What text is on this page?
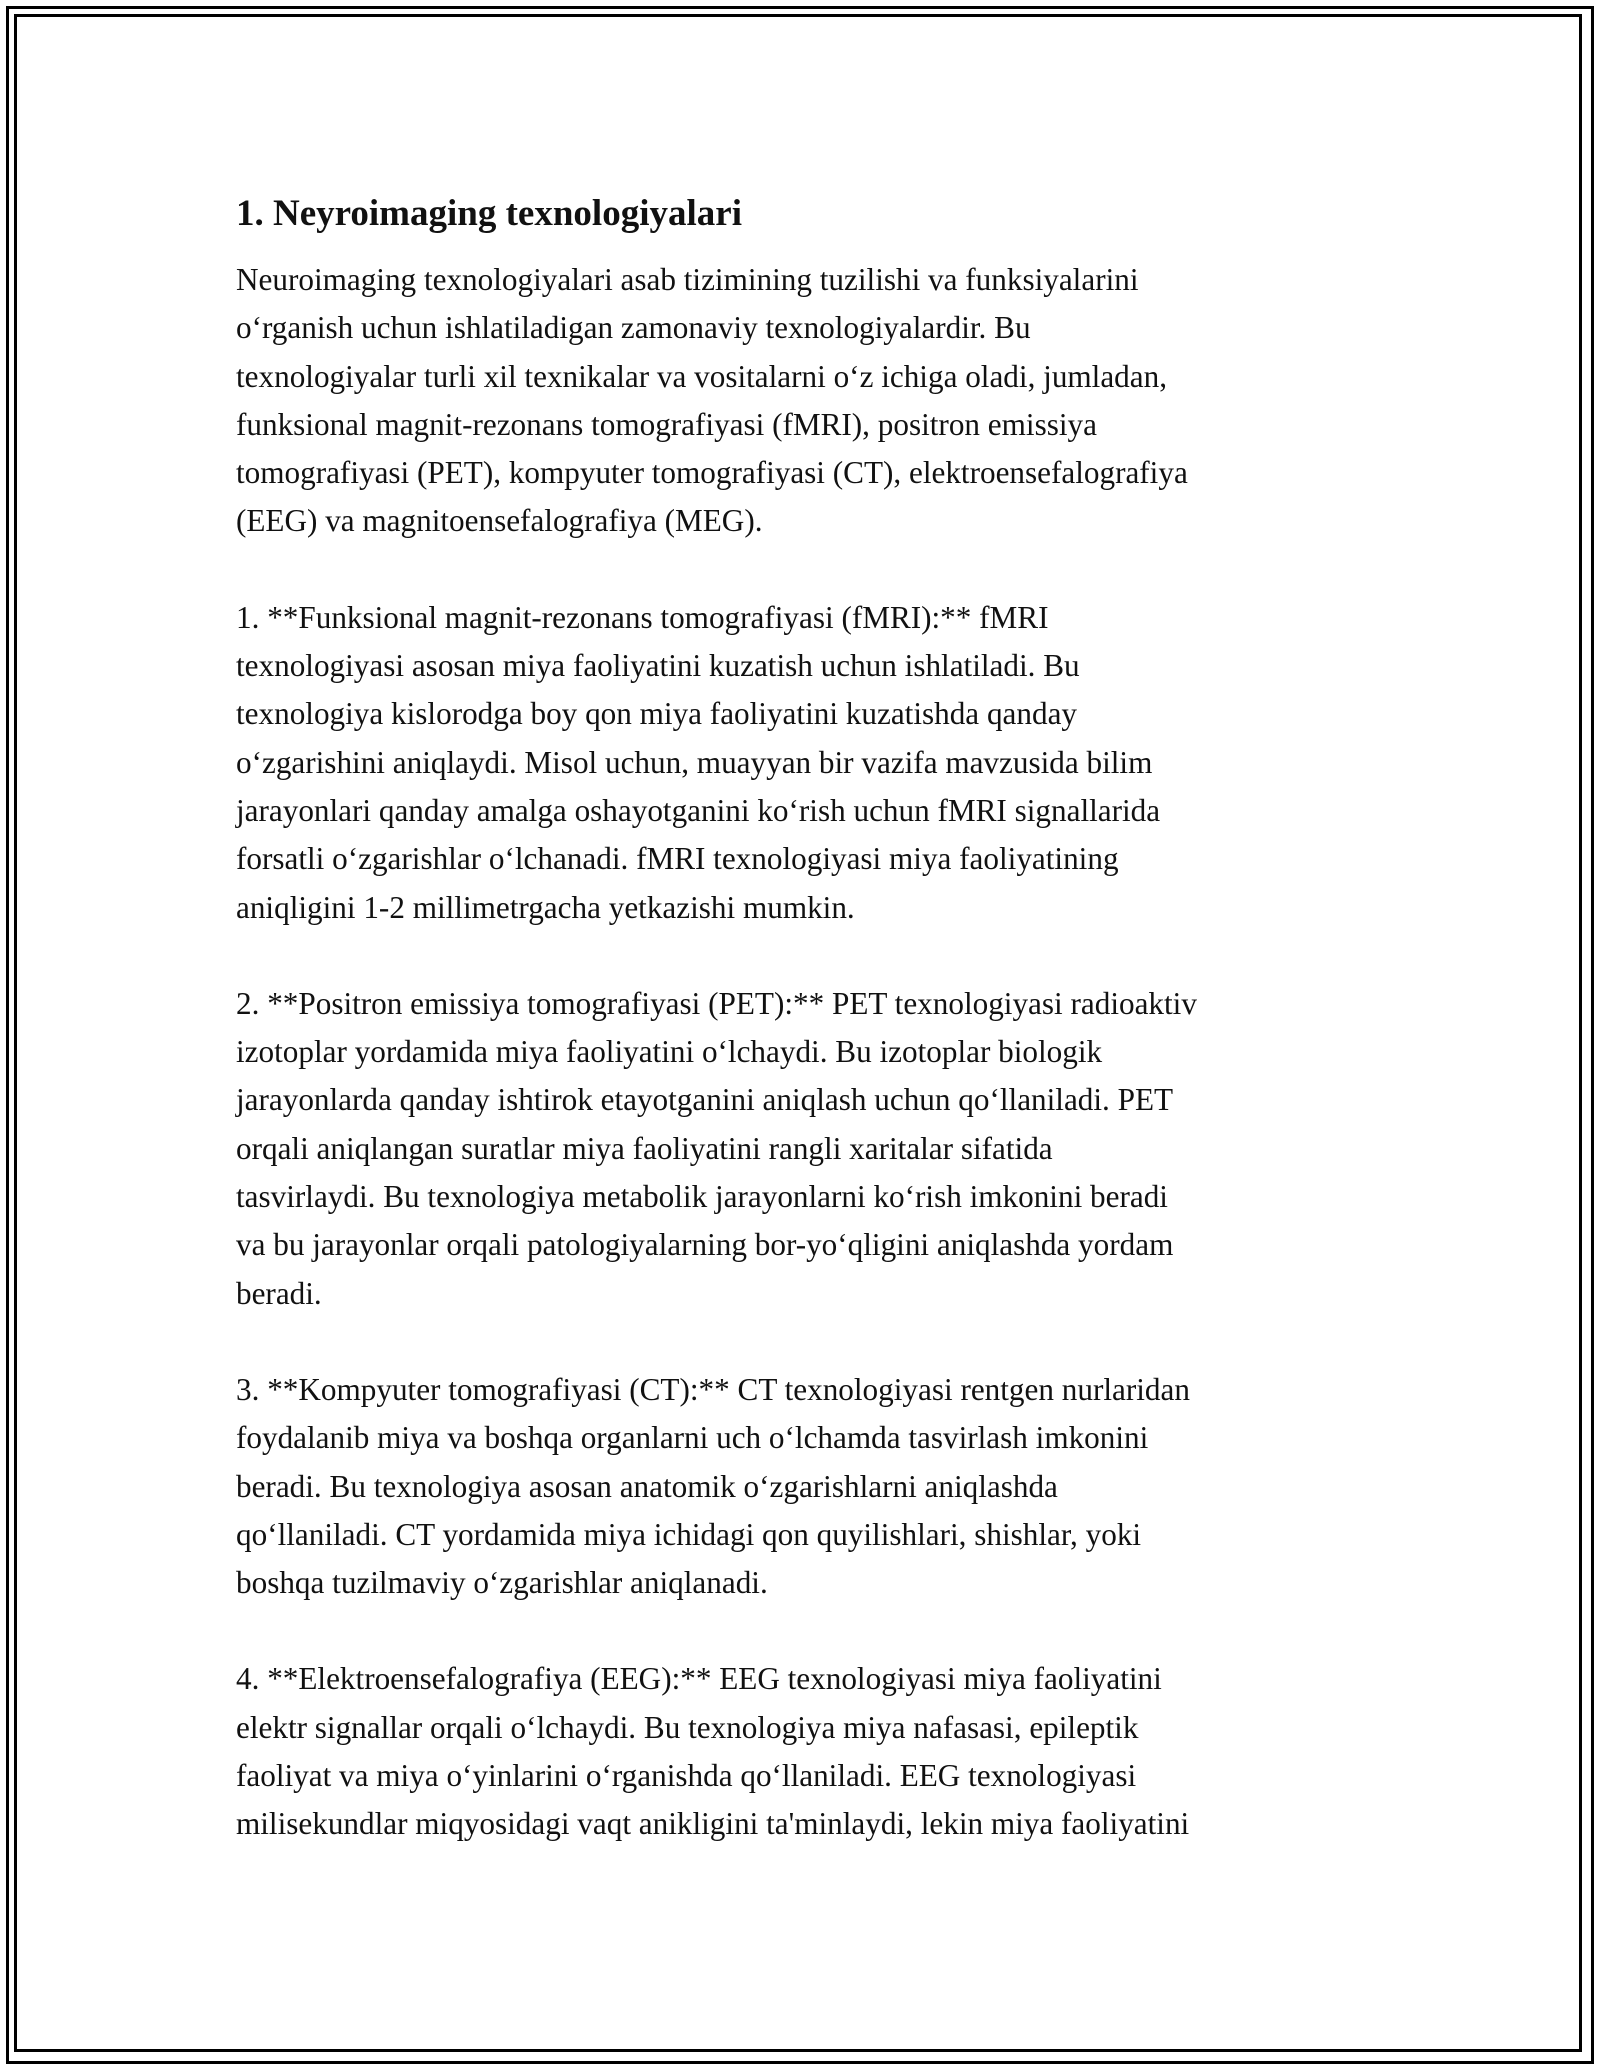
1. Neyroimaging texnologiyalari
Neuroimaging texnologiyalari asab tizimining tuzilishi va funksiyalarini
o‘rganish uchun ishlatiladigan zamonaviy texnologiyalardir. Bu
texnologiyalar turli xil texnikalar va vositalarni o‘z ichiga oladi, jumladan,
funksional magnit-rezonans tomografiyasi (fMRI), positron emissiya
tomografiyasi (PET), kompyuter tomografiyasi (CT), elektroensefalografiya
(EEG) va magnitoensefalografiya (MEG).
1. **Funksional magnit-rezonans tomografiyasi (fMRI):** fMRI
texnologiyasi asosan miya faoliyatini kuzatish uchun ishlatiladi. Bu
texnologiya kislorodga boy qon miya faoliyatini kuzatishda qanday
o‘zgarishini aniqlaydi. Misol uchun, muayyan bir vazifa mavzusida bilim
jarayonlari qanday amalga oshayotganini ko‘rish uchun fMRI signallarida
forsatli o‘zgarishlar o‘lchanadi. fMRI texnologiyasi miya faoliyatining
aniqligini 1-2 millimetrgacha yetkazishi mumkin.
2. **Positron emissiya tomografiyasi (PET):** PET texnologiyasi radioaktiv
izotoplar yordamida miya faoliyatini o‘lchaydi. Bu izotoplar biologik
jarayonlarda qanday ishtirok etayotganini aniqlash uchun qo‘llaniladi. PET
orqali aniqlangan suratlar miya faoliyatini rangli xaritalar sifatida
tasvirlaydi. Bu texnologiya metabolik jarayonlarni ko‘rish imkonini beradi
va bu jarayonlar orqali patologiyalarning bor-yo‘qligini aniqlashda yordam
beradi.
3. **Kompyuter tomografiyasi (CT):** CT texnologiyasi rentgen nurlaridan
foydalanib miya va boshqa organlarni uch o‘lchamda tasvirlash imkonini
beradi. Bu texnologiya asosan anatomik o‘zgarishlarni aniqlashda
qo‘llaniladi. CT yordamida miya ichidagi qon quyilishlari, shishlar, yoki
boshqa tuzilmaviy o‘zgarishlar aniqlanadi.
4. **Elektroensefalografiya (EEG):** EEG texnologiyasi miya faoliyatini
elektr signallar orqali o‘lchaydi. Bu texnologiya miya nafasasi, epileptik
faoliyat va miya o‘yinlarini o‘rganishda qo‘llaniladi. EEG texnologiyasi
milisekundlar miqyosidagi vaqt anikligini ta'minlaydi, lekin miya faoliyatini
